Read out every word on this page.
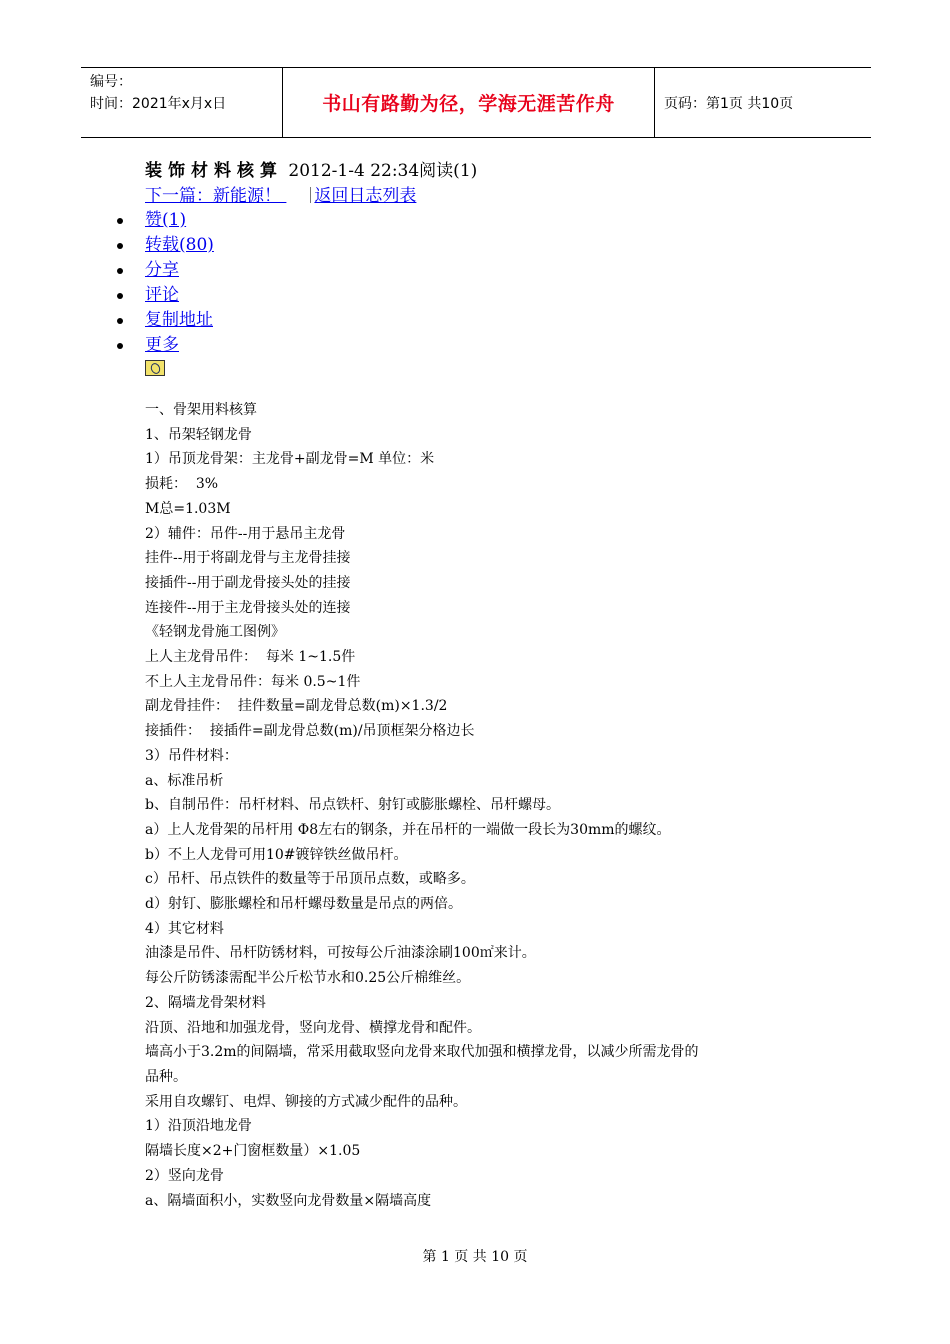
编号：
时间：2021年x月x日	书山有路勤为径，学海无涯苦作舟	页码：第1页 共10页

装饰材料核算 2012-1-4 22:34阅读(1)

下一篇：新能源！ 返回日志列表

赞(1)
转载(80)
分享
评论
复制地址
更多

一、骨架用料核算

1、吊架轻钢龙骨

1）吊顶龙骨架：主龙骨+副龙骨=M 单位：米

损耗：  3%

M总=1.03M

2）辅件：吊件--用于悬吊主龙骨

挂件--用于将副龙骨与主龙骨挂接

接插件--用于副龙骨接头处的挂接

连接件--用于主龙骨接头处的连接

《轻钢龙骨施工图例》

上人主龙骨吊件：  每米 1~1.5件

不上人主龙骨吊件：每米 0.5~1件

副龙骨挂件：  挂件数量=副龙骨总数(m)×1.3/2

接插件：  接插件=副龙骨总数(m)/吊顶框架分格边长

3）吊件材料：

a、标准吊析

b、自制吊件：吊杆材料、吊点铁杆、射钉或膨胀螺栓、吊杆螺母。

a）上人龙骨架的吊杆用 Φ8左右的钢条，并在吊杆的一端做一段长为30mm的螺纹。

b）不上人龙骨可用10#镀锌铁丝做吊杆。

c）吊杆、吊点铁件的数量等于吊顶吊点数，或略多。

d）射钉、膨胀螺栓和吊杆螺母数量是吊点的两倍。

4）其它材料

油漆是吊件、吊杆防锈材料，可按每公斤油漆涂刷100㎡来计。

每公斤防锈漆需配半公斤松节水和0.25公斤棉维丝。

2、隔墙龙骨架材料

沿顶、沿地和加强龙骨，竖向龙骨、横撑龙骨和配件。

墙高小于3.2m的间隔墙，常采用截取竖向龙骨来取代加强和横撑龙骨，以减少所需龙骨的

品种。

采用自攻螺钉、电焊、铆接的方式减少配件的品种。

1）沿顶沿地龙骨

隔墙长度×2+门窗框数量）×1.05

2）竖向龙骨

a、隔墙面积小，实数竖向龙骨数量×隔墙高度

第 1 页 共 10 页
